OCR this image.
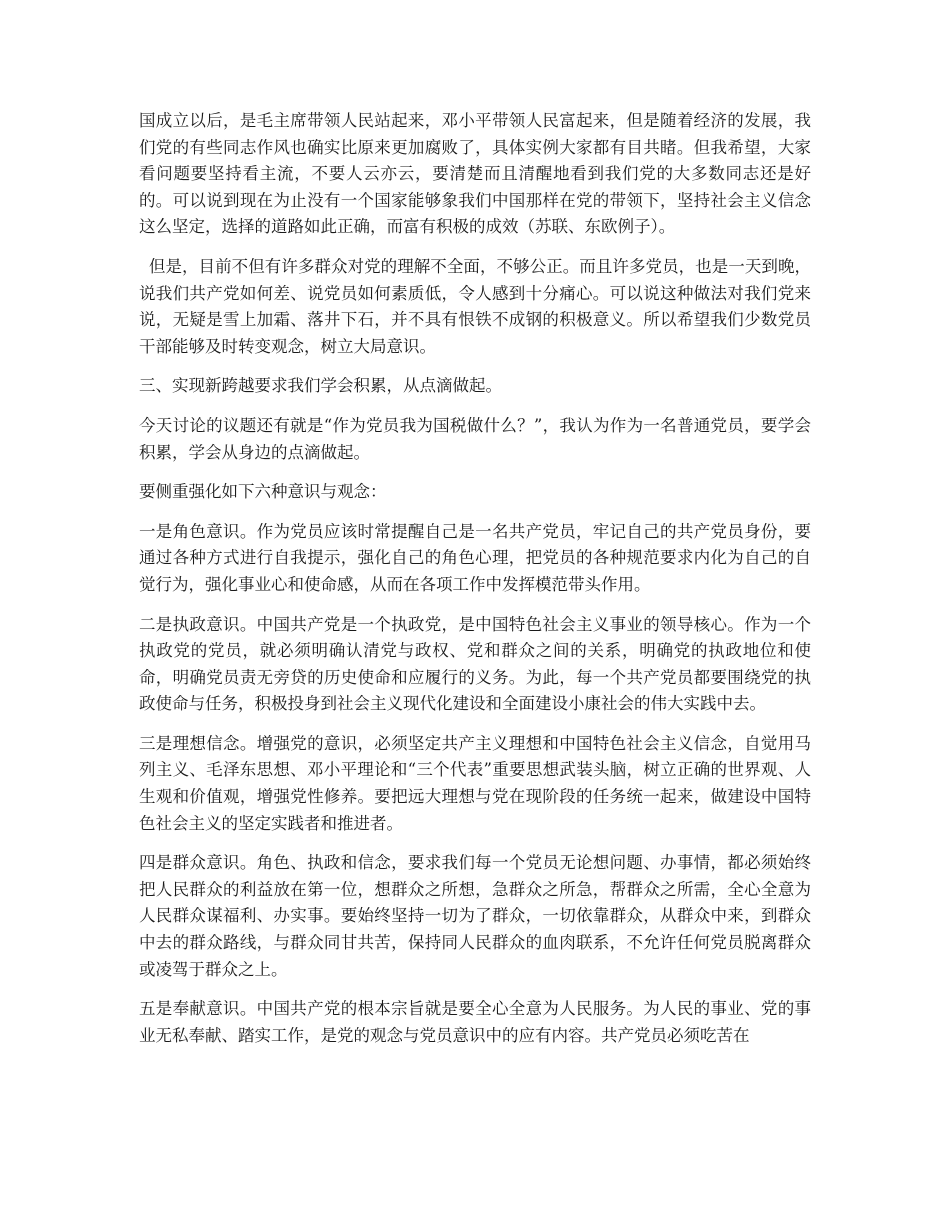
国成立以后，是毛主席带领人民站起来，邓小平带领人民富起来，但是随着经济的发展，我们党的有些同志作风也确实比原来更加腐败了，具体实例大家都有目共睹。但我希望，大家看问题要坚持看主流，不要人云亦云，要清楚而且清醒地看到我们党的大多数同志还是好的。可以说到现在为止没有一个国家能够象我们中国那样在党的带领下，坚持社会主义信念这么坚定，选择的道路如此正确，而富有积极的成效（苏联、东欧例子）。

但是，目前不但有许多群众对党的理解不全面，不够公正。而且许多党员，也是一天到晚，说我们共产党如何差、说党员如何素质低，令人感到十分痛心。可以说这种做法对我们党来说，无疑是雪上加霜、落井下石，并不具有恨铁不成钢的积极意义。所以希望我们少数党员干部能够及时转变观念，树立大局意识。

三、实现新跨越要求我们学会积累，从点滴做起。

今天讨论的议题还有就是“作为党员我为国税做什么？”，我认为作为一名普通党员，要学会积累，学会从身边的点滴做起。

要侧重强化如下六种意识与观念：

一是角色意识。作为党员应该时常提醒自己是一名共产党员，牢记自己的共产党员身份，要通过各种方式进行自我提示，强化自己的角色心理，把党员的各种规范要求内化为自己的自觉行为，强化事业心和使命感，从而在各项工作中发挥模范带头作用。

二是执政意识。中国共产党是一个执政党，是中国特色社会主义事业的领导核心。作为一个执政党的党员，就必须明确认清党与政权、党和群众之间的关系，明确党的执政地位和使命，明确党员责无旁贷的历史使命和应履行的义务。为此，每一个共产党员都要围绕党的执政使命与任务，积极投身到社会主义现代化建设和全面建设小康社会的伟大实践中去。

三是理想信念。增强党的意识，必须坚定共产主义理想和中国特色社会主义信念，自觉用马列主义、毛泽东思想、邓小平理论和“三个代表”重要思想武装头脑，树立正确的世界观、人生观和价值观，增强党性修养。要把远大理想与党在现阶段的任务统一起来，做建设中国特色社会主义的坚定实践者和推进者。

四是群众意识。角色、执政和信念，要求我们每一个党员无论想问题、办事情，都必须始终把人民群众的利益放在第一位，想群众之所想，急群众之所急，帮群众之所需，全心全意为人民群众谋福利、办实事。要始终坚持一切为了群众，一切依靠群众，从群众中来，到群众中去的群众路线，与群众同甘共苦，保持同人民群众的血肉联系，不允许任何党员脱离群众或凌驾于群众之上。

五是奉献意识。中国共产党的根本宗旨就是要全心全意为人民服务。为人民的事业、党的事业无私奉献、踏实工作，是党的观念与党员意识中的应有内容。共产党员必须吃苦在
